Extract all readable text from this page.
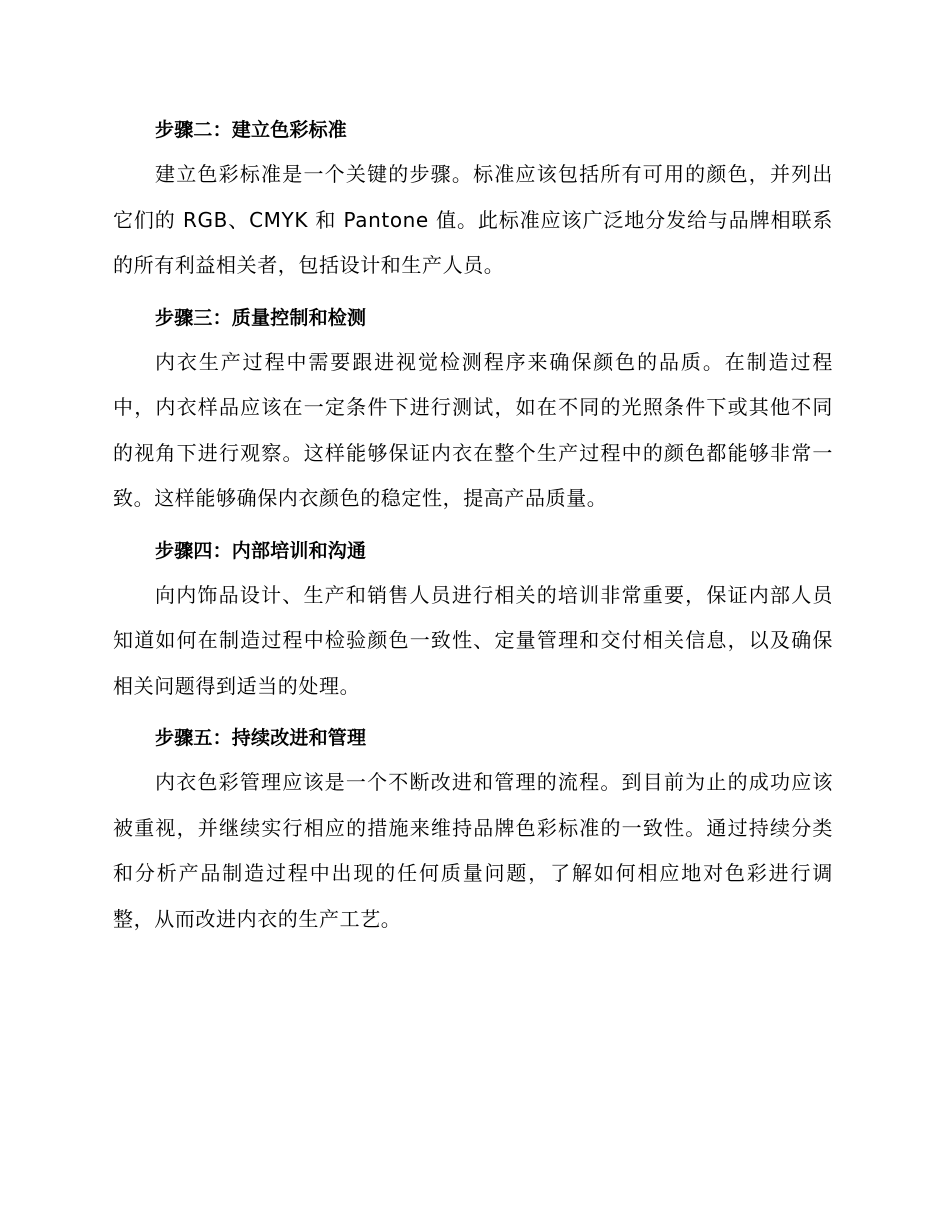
步骤二：建立色彩标准

建立色彩标准是一个关键的步骤。标准应该包括所有可用的颜色，并列出它们的 RGB、CMYK 和 Pantone 值。此标准应该广泛地分发给与品牌相联系的所有利益相关者，包括设计和生产人员。

步骤三：质量控制和检测

内衣生产过程中需要跟进视觉检测程序来确保颜色的品质。在制造过程中，内衣样品应该在一定条件下进行测试，如在不同的光照条件下或其他不同的视角下进行观察。这样能够保证内衣在整个生产过程中的颜色都能够非常一致。这样能够确保内衣颜色的稳定性，提高产品质量。

步骤四：内部培训和沟通

向内饰品设计、生产和销售人员进行相关的培训非常重要，保证内部人员知道如何在制造过程中检验颜色一致性、定量管理和交付相关信息，以及确保相关问题得到适当的处理。

步骤五：持续改进和管理

内衣色彩管理应该是一个不断改进和管理的流程。到目前为止的成功应该被重视，并继续实行相应的措施来维持品牌色彩标准的一致性。通过持续分类和分析产品制造过程中出现的任何质量问题，了解如何相应地对色彩进行调整，从而改进内衣的生产工艺。
